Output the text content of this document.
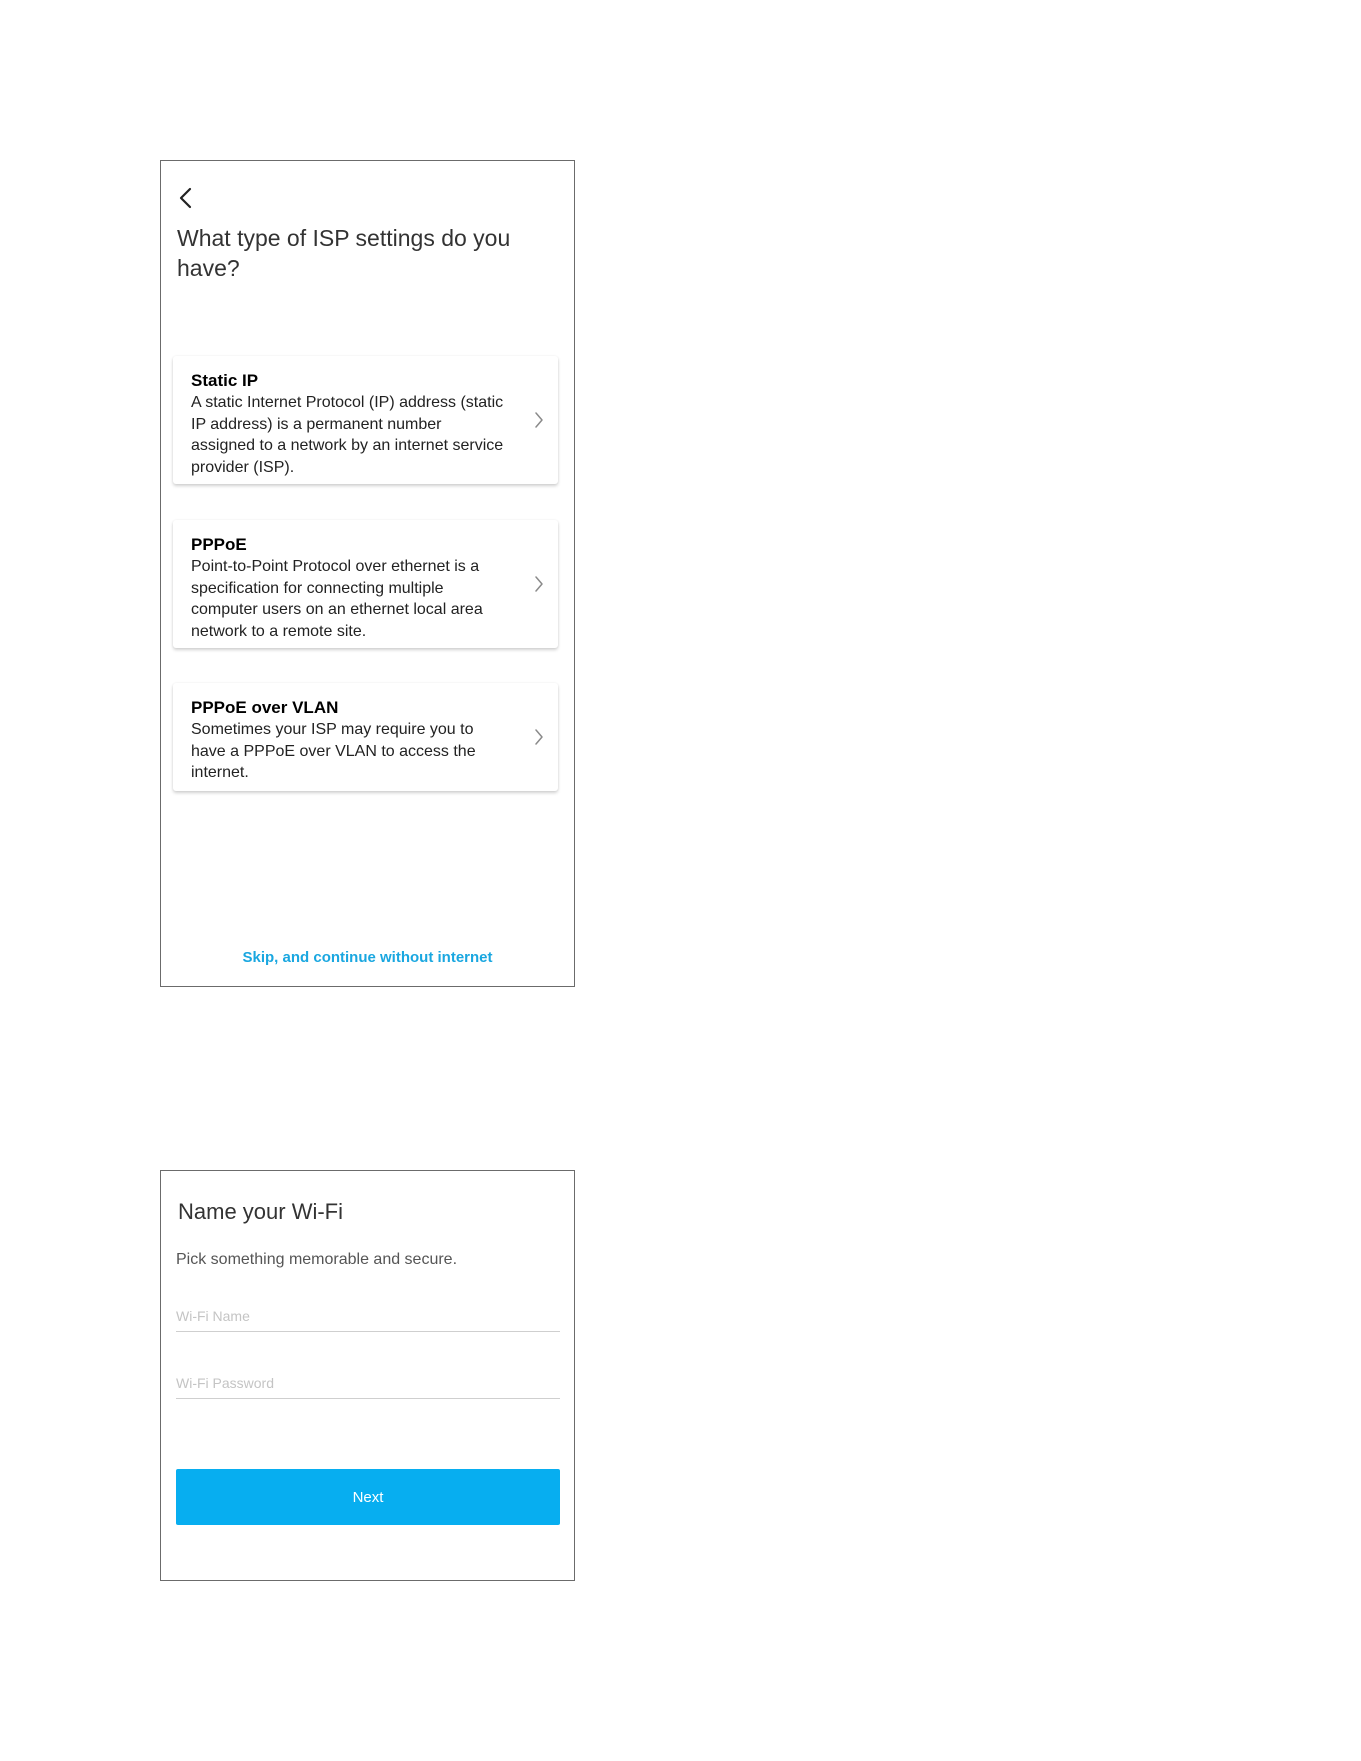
What type of ISP settings do you have?
Static IP
A static Internet Protocol (IP) address (static IP address) is a permanent number assigned to a network by an internet service provider (ISP).
PPPoE
Point-to-Point Protocol over ethernet is a specification for connecting multiple computer users on an ethernet local area network to a remote site.
PPPoE over VLAN
Sometimes your ISP may require you to have a PPPoE over VLAN to access the internet.
Skip, and continue without internet
Name your Wi-Fi
Pick something memorable and secure.
Wi-Fi Name
Next
